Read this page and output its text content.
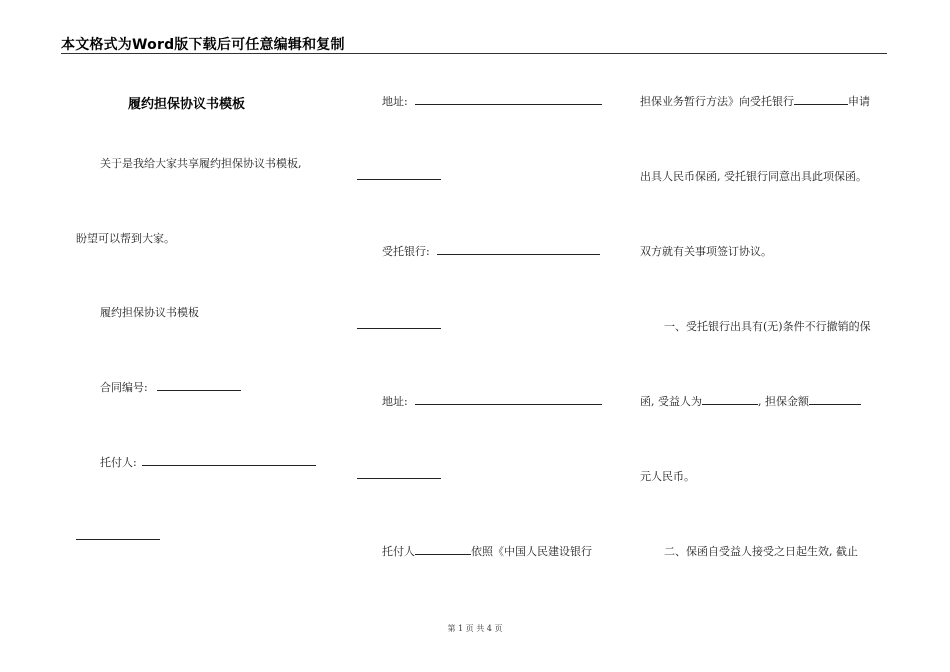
本文格式为Word版下载后可任意编辑和复制
履约担保协议书模板
关于是我给大家共享履约担保协议书模板,
盼望可以帮到大家。
履约担保协议书模板
合同编号:
托付人:
地址:
受托银行:
地址:
托付人	依照《中国人民建设银行
担保业务暂行方法》向受托银行	申请
出具人民币保函, 受托银行同意出具此项保函。
双方就有关事项签订协议。
一、受托银行出具有(无)条件不行撤销的保
函, 受益人为	, 担保金额
元人民币。
二、保函自受益人接受之日起生效, 截止
第 1 页 共 4 页
